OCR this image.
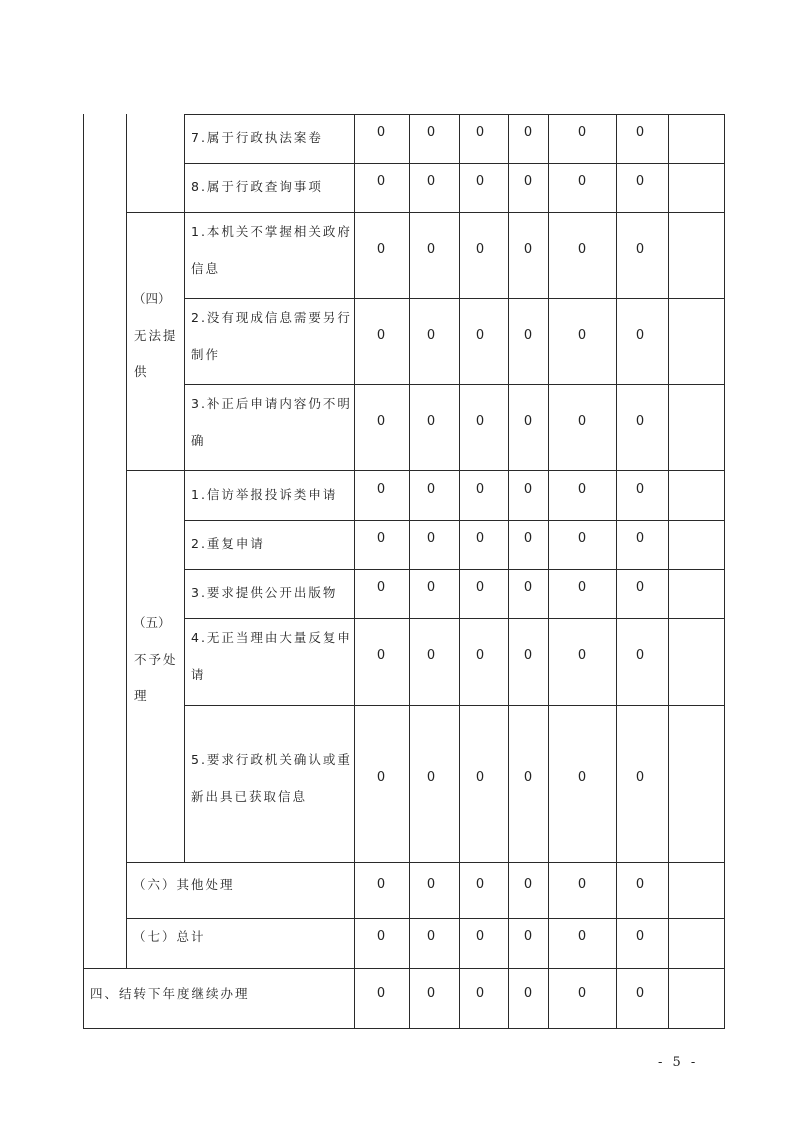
（四）
无法提
供
（五）
不予处
理
7.属于行政执法案卷	0	0	0	0	0	0
8.属于行政查询事项	0	0	0	0	0	0
1.本机关不掌握相关政府
信息
0	0	0	0	0	0
2.没有现成信息需要另行
制作
0	0	0	0	0	0
3.补正后申请内容仍不明
确
0	0	0	0	0	0
1.信访举报投诉类申请	0	0	0	0	0	0
2.重复申请	0	0	0	0	0	0
3.要求提供公开出版物	0	0	0	0	0	0
4.无正当理由大量反复申
请
0	0	0	0	0	0
5.要求行政机关确认或重
新出具已获取信息
0	0	0	0	0	0
（六）其他处理	0	0	0	0	0	0
（七）总计	0	0	0	0	0	0
四、结转下年度继续办理	0	0	0	0	0	0
- 5 -
